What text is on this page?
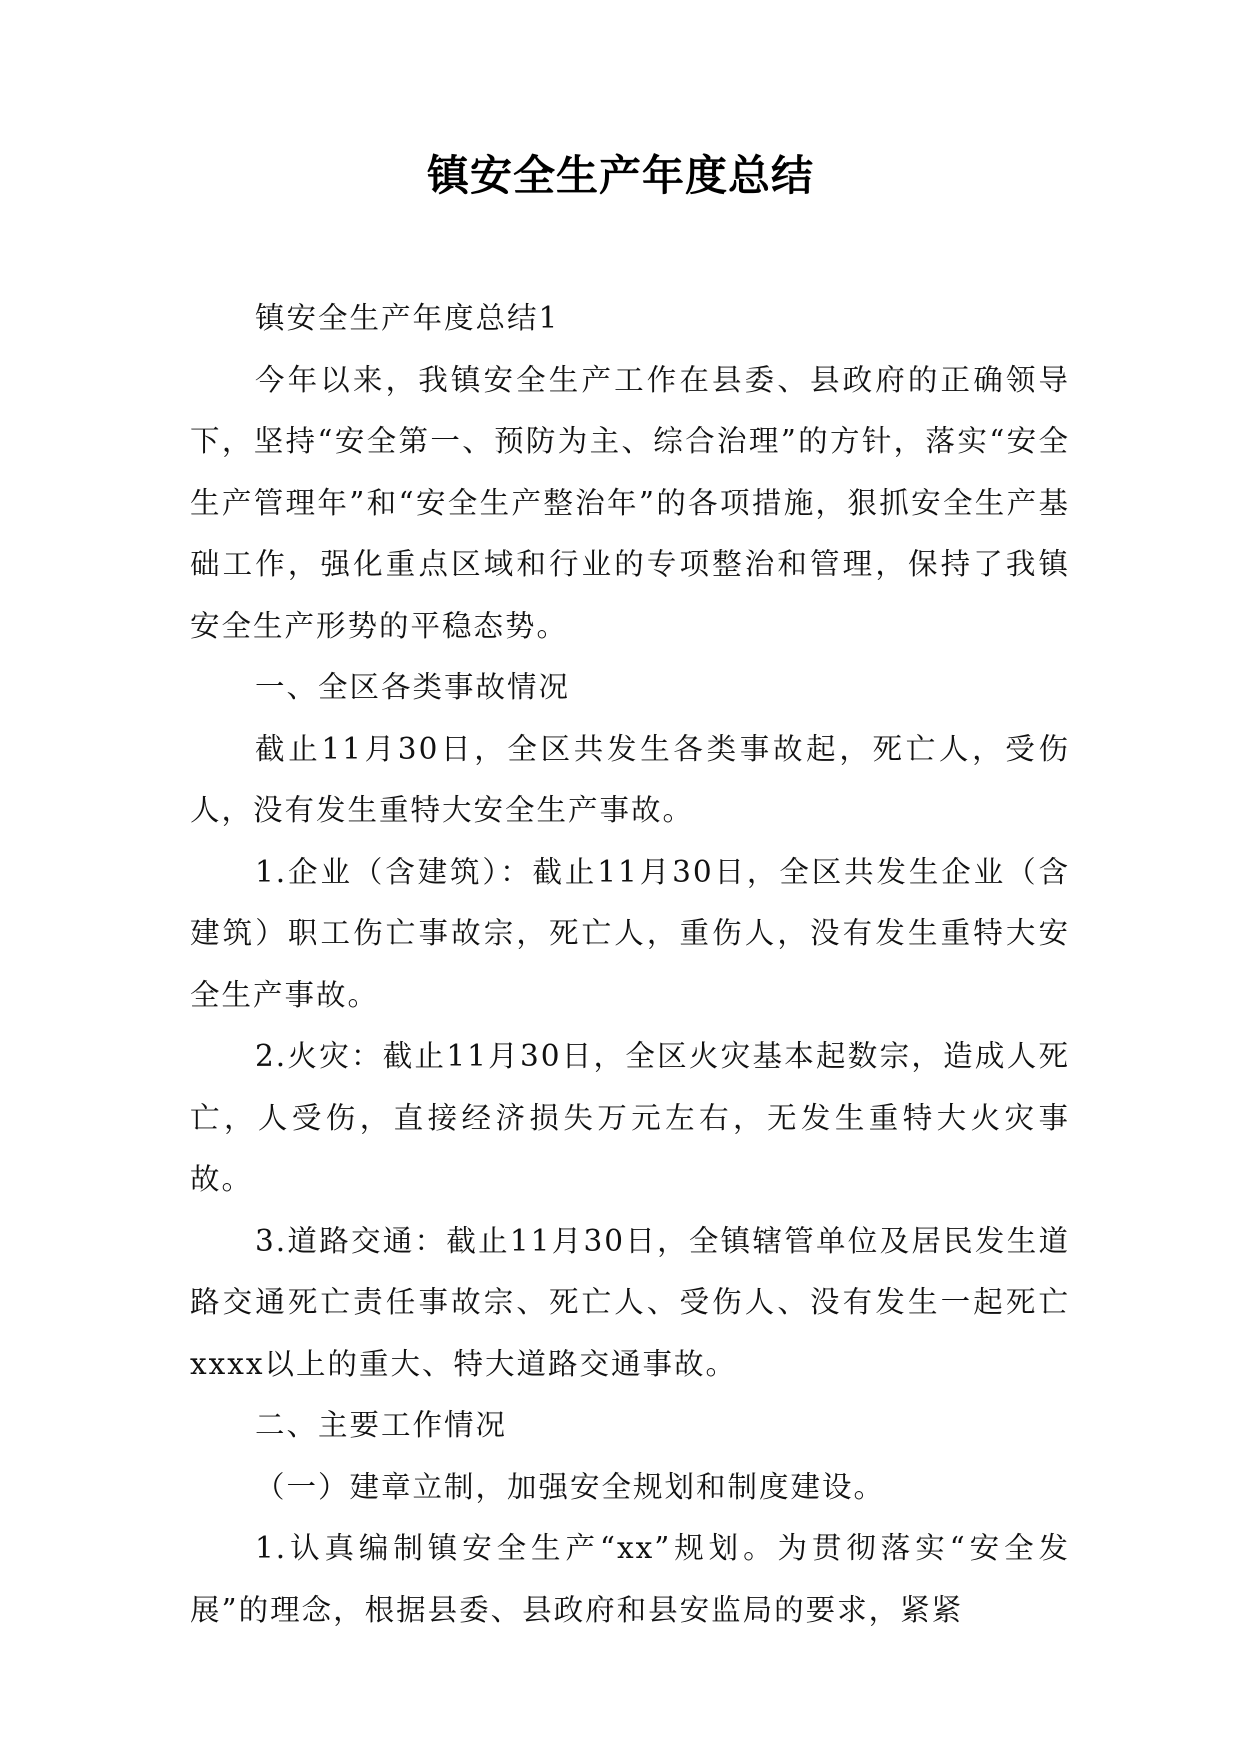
镇安全生产年度总结

镇安全生产年度总结1

今年以来，我镇安全生产工作在县委、县政府的正确领导下，坚持“安全第一、预防为主、综合治理”的方针，落实“安全生产管理年”和“安全生产整治年”的各项措施，狠抓安全生产基础工作，强化重点区域和行业的专项整治和管理，保持了我镇安全生产形势的平稳态势。

一、全区各类事故情况

截止11月30日，全区共发生各类事故起，死亡人，受伤人，没有发生重特大安全生产事故。

1.企业（含建筑）：截止11月30日，全区共发生企业（含建筑）职工伤亡事故宗，死亡人，重伤人，没有发生重特大安全生产事故。

2.火灾：截止11月30日，全区火灾基本起数宗，造成人死亡，人受伤，直接经济损失万元左右，无发生重特大火灾事故。

3.道路交通：截止11月30日，全镇辖管单位及居民发生道路交通死亡责任事故宗、死亡人、受伤人、没有发生一起死亡xxxx以上的重大、特大道路交通事故。

二、主要工作情况

（一）建章立制，加强安全规划和制度建设。

1.认真编制镇安全生产“xx”规划。为贯彻落实“安全发展”的理念，根据县委、县政府和县安监局的要求，紧紧
